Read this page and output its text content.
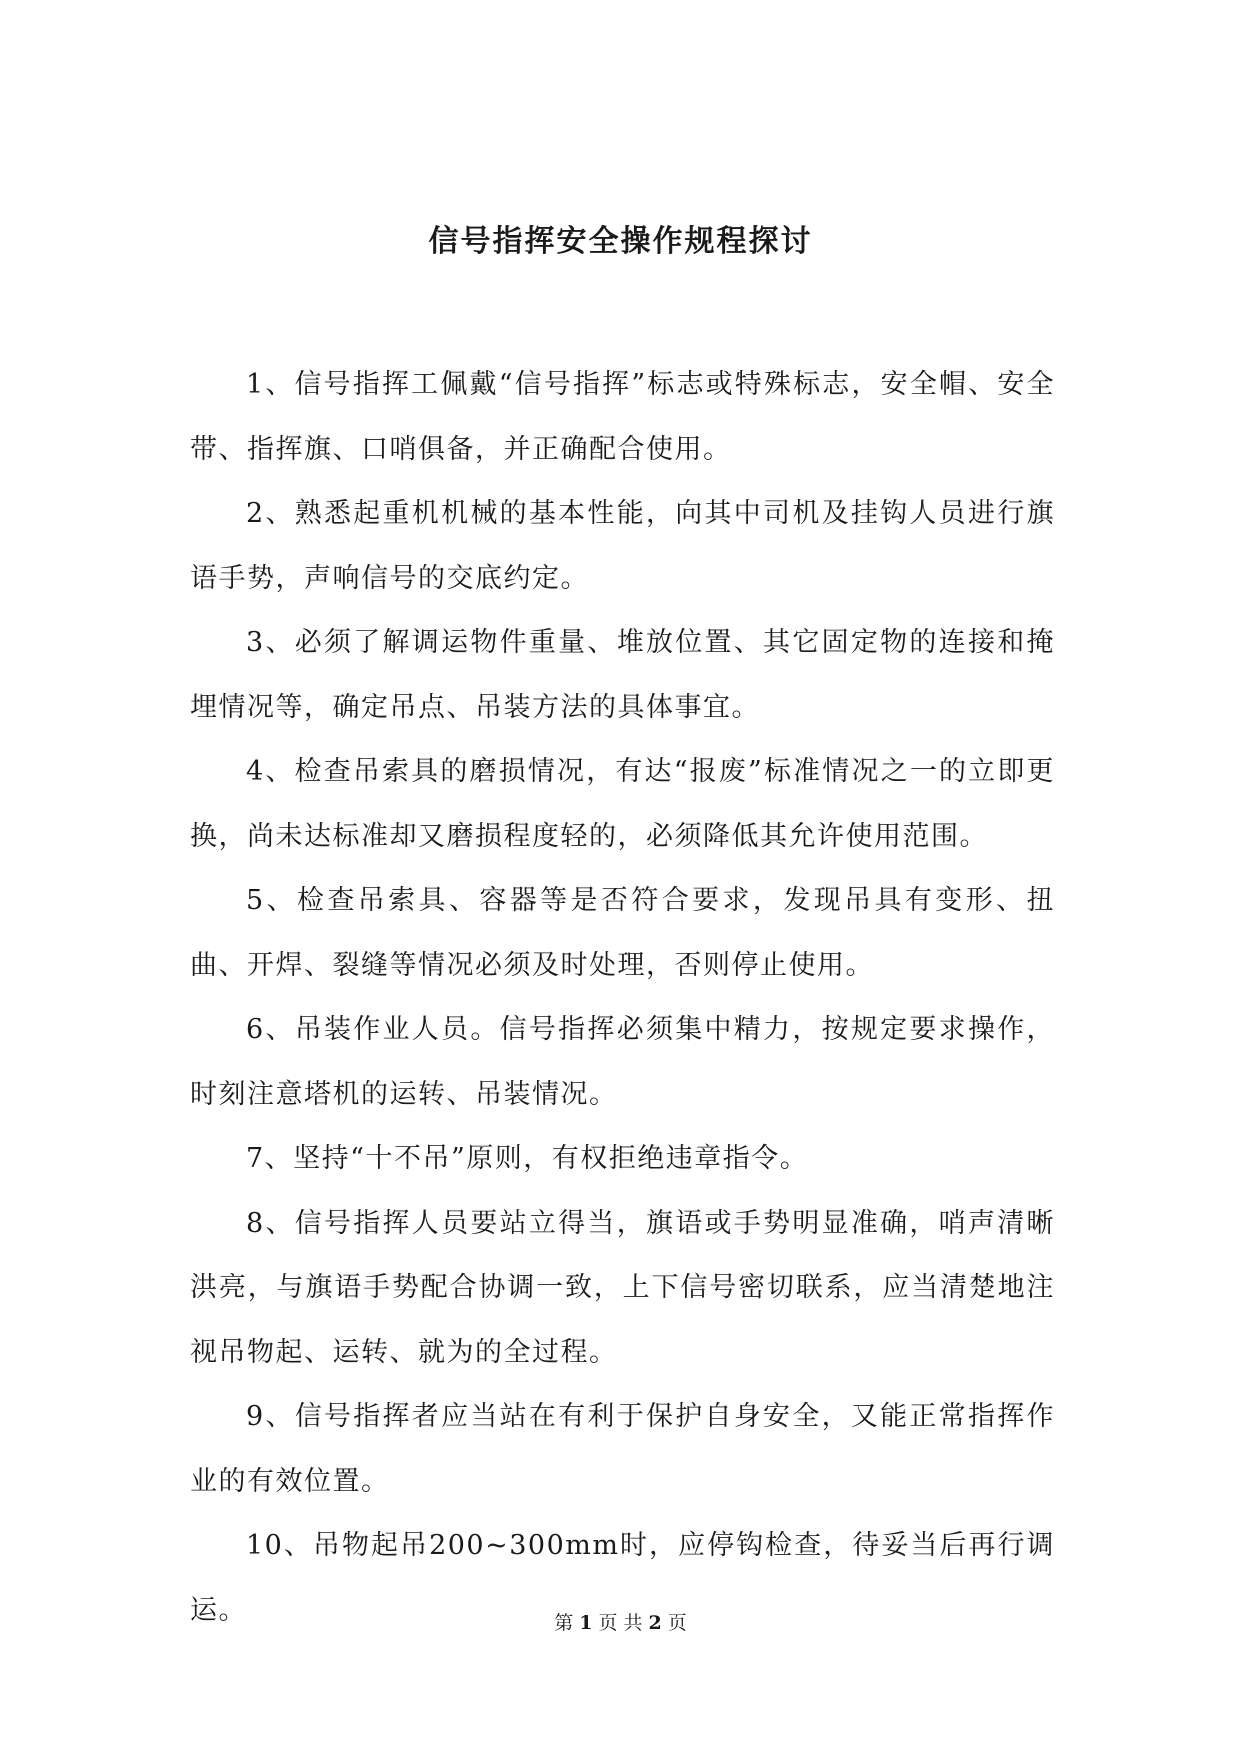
信号指挥安全操作规程探讨

1、信号指挥工佩戴“信号指挥”标志或特殊标志，安全帽、安全带、指挥旗、口哨俱备，并正确配合使用。

2、熟悉起重机机械的基本性能，向其中司机及挂钩人员进行旗语手势，声响信号的交底约定。

3、必须了解调运物件重量、堆放位置、其它固定物的连接和掩埋情况等，确定吊点、吊装方法的具体事宜。

4、检查吊索具的磨损情况，有达“报废”标准情况之一的立即更换，尚未达标准却又磨损程度轻的，必须降低其允许使用范围。

5、检查吊索具、容器等是否符合要求，发现吊具有变形、扭曲、开焊、裂缝等情况必须及时处理，否则停止使用。

6、吊装作业人员。信号指挥必须集中精力，按规定要求操作，时刻注意塔机的运转、吊装情况。

7、坚持“十不吊”原则，有权拒绝违章指令。

8、信号指挥人员要站立得当，旗语或手势明显准确，哨声清晰洪亮，与旗语手势配合协调一致，上下信号密切联系，应当清楚地注视吊物起、运转、就为的全过程。

9、信号指挥者应当站在有利于保护自身安全，又能正常指挥作业的有效位置。

10、吊物起吊200~300mm时，应停钩检查，待妥当后再行调运。	第 1 页 共 2 页
